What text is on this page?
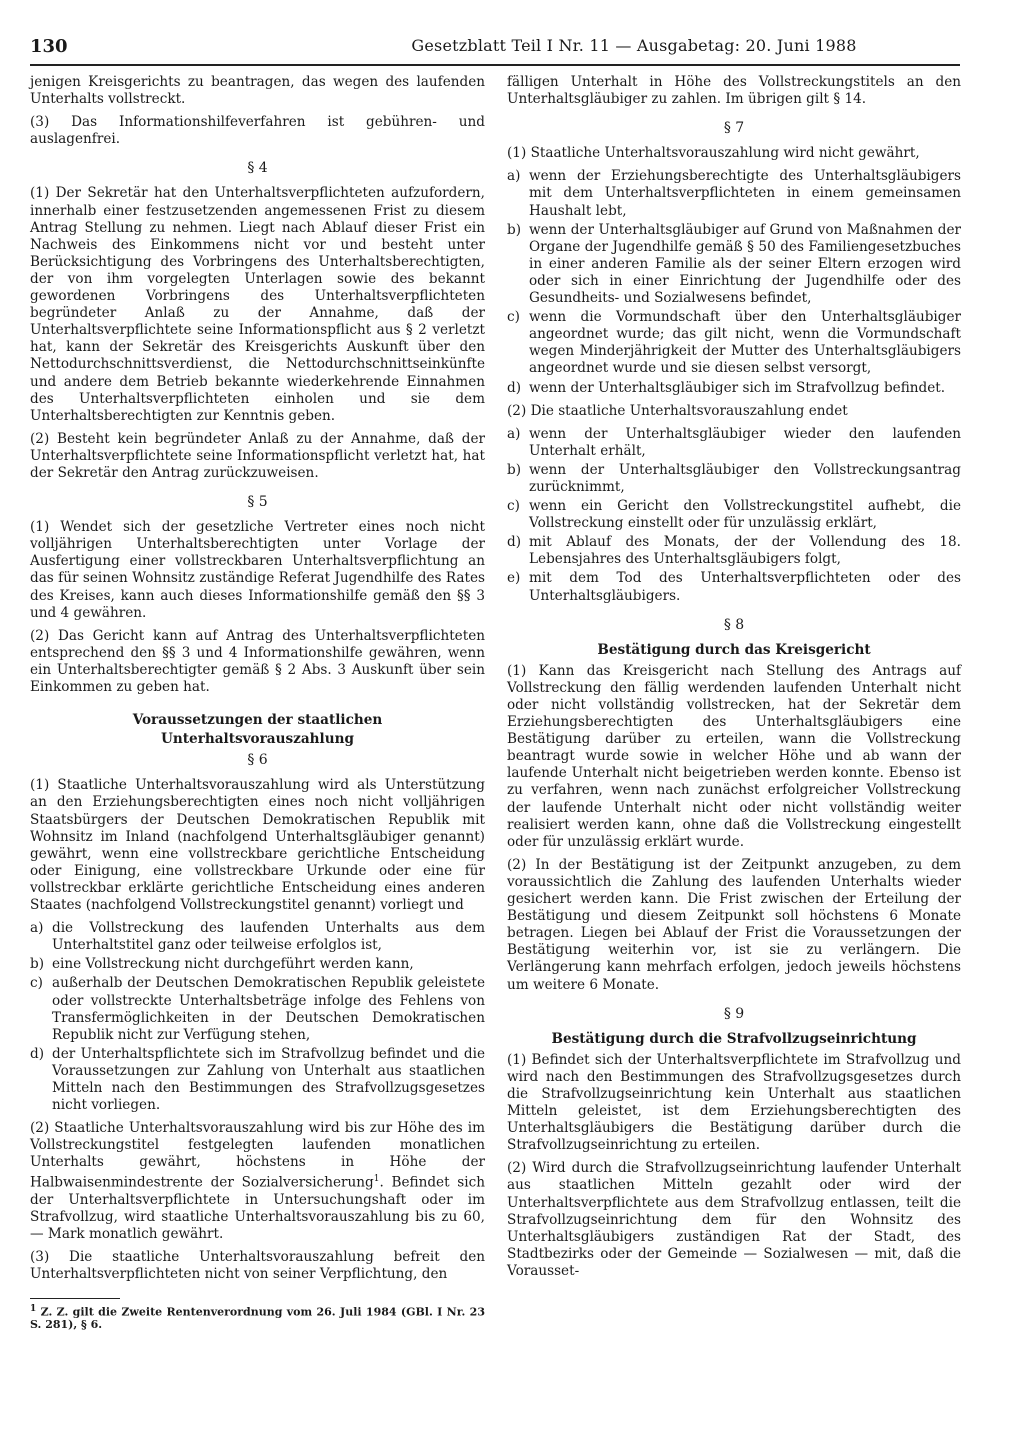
130	Gesetzblatt Teil I Nr. 11 — Ausgabetag: 20. Juni 1988

jenigen Kreisgerichts zu beantragen, das wegen des laufenden Unterhalts vollstreckt.

(3) Das Informationshilfeverfahren ist gebühren- und auslagenfrei.

§ 4

(1) Der Sekretär hat den Unterhaltsverpflichteten aufzufordern, innerhalb einer festzusetzenden angemessenen Frist zu diesem Antrag Stellung zu nehmen. Liegt nach Ablauf dieser Frist ein Nachweis des Einkommens nicht vor und besteht unter Berücksichtigung des Vorbringens des Unterhaltsberechtigten, der von ihm vorgelegten Unterlagen sowie des bekannt gewordenen Vorbringens des Unterhaltsverpflichteten begründeter Anlaß zu der Annahme, daß der Unterhaltsverpflichtete seine Informationspflicht aus § 2 verletzt hat, kann der Sekretär des Kreisgerichts Auskunft über den Nettodurchschnittsverdienst, die Nettodurchschnittseinkünfte und andere dem Betrieb bekannte wiederkehrende Einnahmen des Unterhaltsverpflichteten einholen und sie dem Unterhaltsberechtigten zur Kenntnis geben.

(2) Besteht kein begründeter Anlaß zu der Annahme, daß der Unterhaltsverpflichtete seine Informationspflicht verletzt hat, hat der Sekretär den Antrag zurückzuweisen.

§ 5

(1) Wendet sich der gesetzliche Vertreter eines noch nicht volljährigen Unterhaltsberechtigten unter Vorlage der Ausfertigung einer vollstreckbaren Unterhaltsverpflichtung an das für seinen Wohnsitz zuständige Referat Jugendhilfe des Rates des Kreises, kann auch dieses Informationshilfe gemäß den §§ 3 und 4 gewähren.

(2) Das Gericht kann auf Antrag des Unterhaltsverpflichteten entsprechend den §§ 3 und 4 Informationshilfe gewähren, wenn ein Unterhaltsberechtigter gemäß § 2 Abs. 3 Auskunft über sein Einkommen zu geben hat.

Voraussetzungen der staatlichen
Unterhaltsvorauszahlung
§ 6

(1) Staatliche Unterhaltsvorauszahlung wird als Unterstützung an den Erziehungsberechtigten eines noch nicht volljährigen Staatsbürgers der Deutschen Demokratischen Republik mit Wohnsitz im Inland (nachfolgend Unterhaltsgläubiger genannt) gewährt, wenn eine vollstreckbare gerichtliche Entscheidung oder Einigung, eine vollstreckbare Urkunde oder eine für vollstreckbar erklärte gerichtliche Entscheidung eines anderen Staates (nachfolgend Vollstreckungstitel genannt) vorliegt und

a) die Vollstreckung des laufenden Unterhalts aus dem Unterhaltstitel ganz oder teilweise erfolglos ist,
b) eine Vollstreckung nicht durchgeführt werden kann,
c) außerhalb der Deutschen Demokratischen Republik geleistete oder vollstreckte Unterhaltsbeträge infolge des Fehlens von Transfermöglichkeiten in der Deutschen Demokratischen Republik nicht zur Verfügung stehen,
d) der Unterhaltspflichtete sich im Strafvollzug befindet und die Voraussetzungen zur Zahlung von Unterhalt aus staatlichen Mitteln nach den Bestimmungen des Strafvollzugsgesetzes nicht vorliegen.

(2) Staatliche Unterhaltsvorauszahlung wird bis zur Höhe des im Vollstreckungstitel festgelegten laufenden monatlichen Unterhalts gewährt, höchstens in Höhe der Halbwaisenmindestrente der Sozialversicherung$^1$. Befindet sich der Unterhaltsverpflichtete in Untersuchungshaft oder im Strafvollzug, wird staatliche Unterhaltsvorauszahlung bis zu 60,— Mark monatlich gewährt.

(3) Die staatliche Unterhaltsvorauszahlung befreit den Unterhaltsverpflichteten nicht von seiner Verpflichtung, den

$^1$ Z. Z. gilt die Zweite Rentenverordnung vom 26. Juli 1984 (GBl. I Nr. 23 S. 281), § 6.

fälligen Unterhalt in Höhe des Vollstreckungstitels an den Unterhaltsgläubiger zu zahlen. Im übrigen gilt § 14.

§ 7

(1) Staatliche Unterhaltsvorauszahlung wird nicht gewährt,

a) wenn der Erziehungsberechtigte des Unterhaltsgläubigers mit dem Unterhaltsverpflichteten in einem gemeinsamen Haushalt lebt,
b) wenn der Unterhaltsgläubiger auf Grund von Maßnahmen der Organe der Jugendhilfe gemäß § 50 des Familiengesetzbuches in einer anderen Familie als der seiner Eltern erzogen wird oder sich in einer Einrichtung der Jugendhilfe oder des Gesundheits- und Sozialwesens befindet,
c) wenn die Vormundschaft über den Unterhaltsgläubiger angeordnet wurde; das gilt nicht, wenn die Vormundschaft wegen Minderjährigkeit der Mutter des Unterhaltsgläubigers angeordnet wurde und sie diesen selbst versorgt,
d) wenn der Unterhaltsgläubiger sich im Strafvollzug befindet.

(2) Die staatliche Unterhaltsvorauszahlung endet

a) wenn der Unterhaltsgläubiger wieder den laufenden Unterhalt erhält,
b) wenn der Unterhaltsgläubiger den Vollstreckungsantrag zurücknimmt,
c) wenn ein Gericht den Vollstreckungstitel aufhebt, die Vollstreckung einstellt oder für unzulässig erklärt,
d) mit Ablauf des Monats, der der Vollendung des 18. Lebensjahres des Unterhaltsgläubigers folgt,
e) mit dem Tod des Unterhaltsverpflichteten oder des Unterhaltsgläubigers.
§ 8
Bestätigung durch das Kreisgericht

(1) Kann das Kreisgericht nach Stellung des Antrags auf Vollstreckung den fällig werdenden laufenden Unterhalt nicht oder nicht vollständig vollstrecken, hat der Sekretär dem Erziehungsberechtigten des Unterhaltsgläubigers eine Bestätigung darüber zu erteilen, wann die Vollstreckung beantragt wurde sowie in welcher Höhe und ab wann der laufende Unterhalt nicht beigetrieben werden konnte. Ebenso ist zu verfahren, wenn nach zunächst erfolgreicher Vollstreckung der laufende Unterhalt nicht oder nicht vollständig weiter realisiert werden kann, ohne daß die Vollstreckung eingestellt oder für unzulässig erklärt wurde.

(2) In der Bestätigung ist der Zeitpunkt anzugeben, zu dem voraussichtlich die Zahlung des laufenden Unterhalts wieder gesichert werden kann. Die Frist zwischen der Erteilung der Bestätigung und diesem Zeitpunkt soll höchstens 6 Monate betragen. Liegen bei Ablauf der Frist die Voraussetzungen der Bestätigung weiterhin vor, ist sie zu verlängern. Die Verlängerung kann mehrfach erfolgen, jedoch jeweils höchstens um weitere 6 Monate.

§ 9
Bestätigung durch die Strafvollzugseinrichtung

(1) Befindet sich der Unterhaltsverpflichtete im Strafvollzug und wird nach den Bestimmungen des Strafvollzugsgesetzes durch die Strafvollzugseinrichtung kein Unterhalt aus staatlichen Mitteln geleistet, ist dem Erziehungsberechtigten des Unterhaltsgläubigers die Bestätigung darüber durch die Strafvollzugseinrichtung zu erteilen.

(2) Wird durch die Strafvollzugseinrichtung laufender Unterhalt aus staatlichen Mitteln gezahlt oder wird der Unterhaltsverpflichtete aus dem Strafvollzug entlassen, teilt die Strafvollzugseinrichtung dem für den Wohnsitz des Unterhaltsgläubigers zuständigen Rat der Stadt, des Stadtbezirks oder der Gemeinde — Sozialwesen — mit, daß die Vorausset-
